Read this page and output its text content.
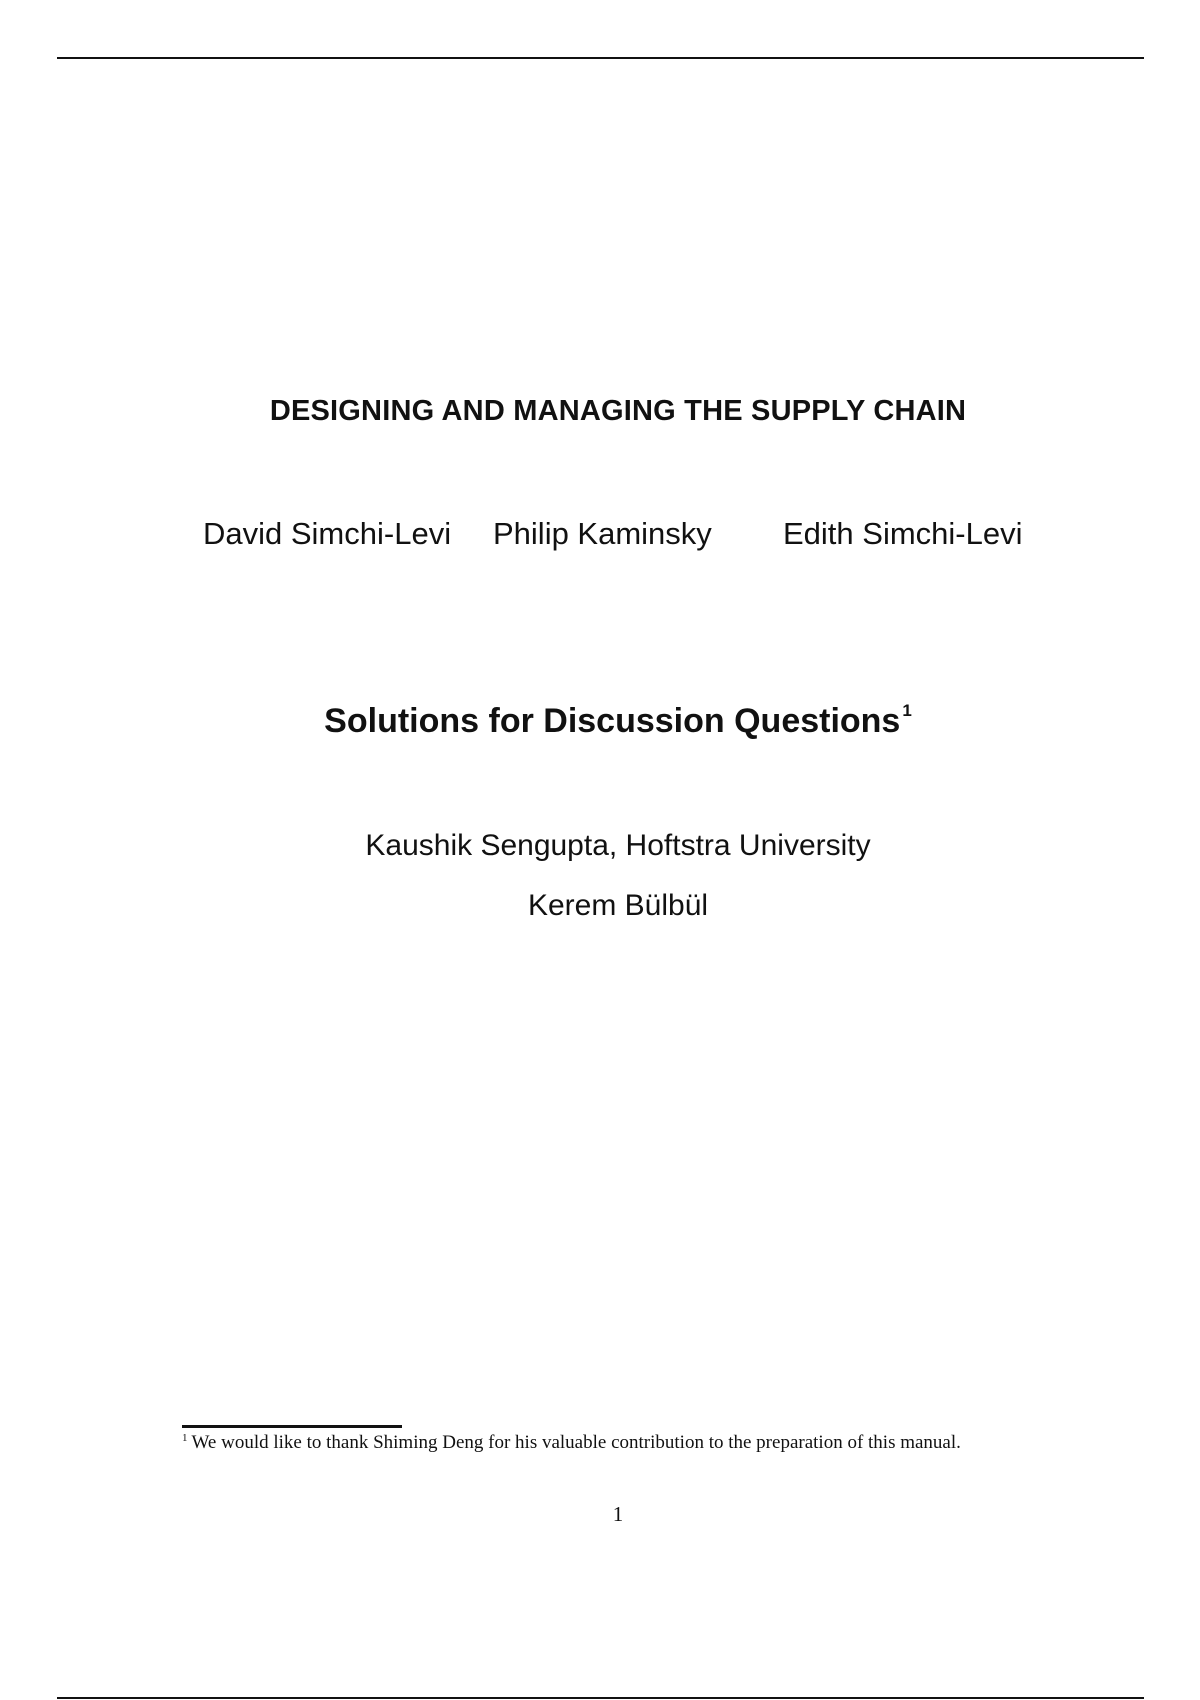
DESIGNING AND MANAGING THE SUPPLY CHAIN
David Simchi-Levi Philip Kaminsky Edith Simchi-Levi
Solutions for Discussion Questions $^1$
Kaushik Sengupta, Hoftstra University
Kerem Bülbül
$^1$ We would like to thank Shiming Deng for his valuable contribution to the preparation of this manual.
1
